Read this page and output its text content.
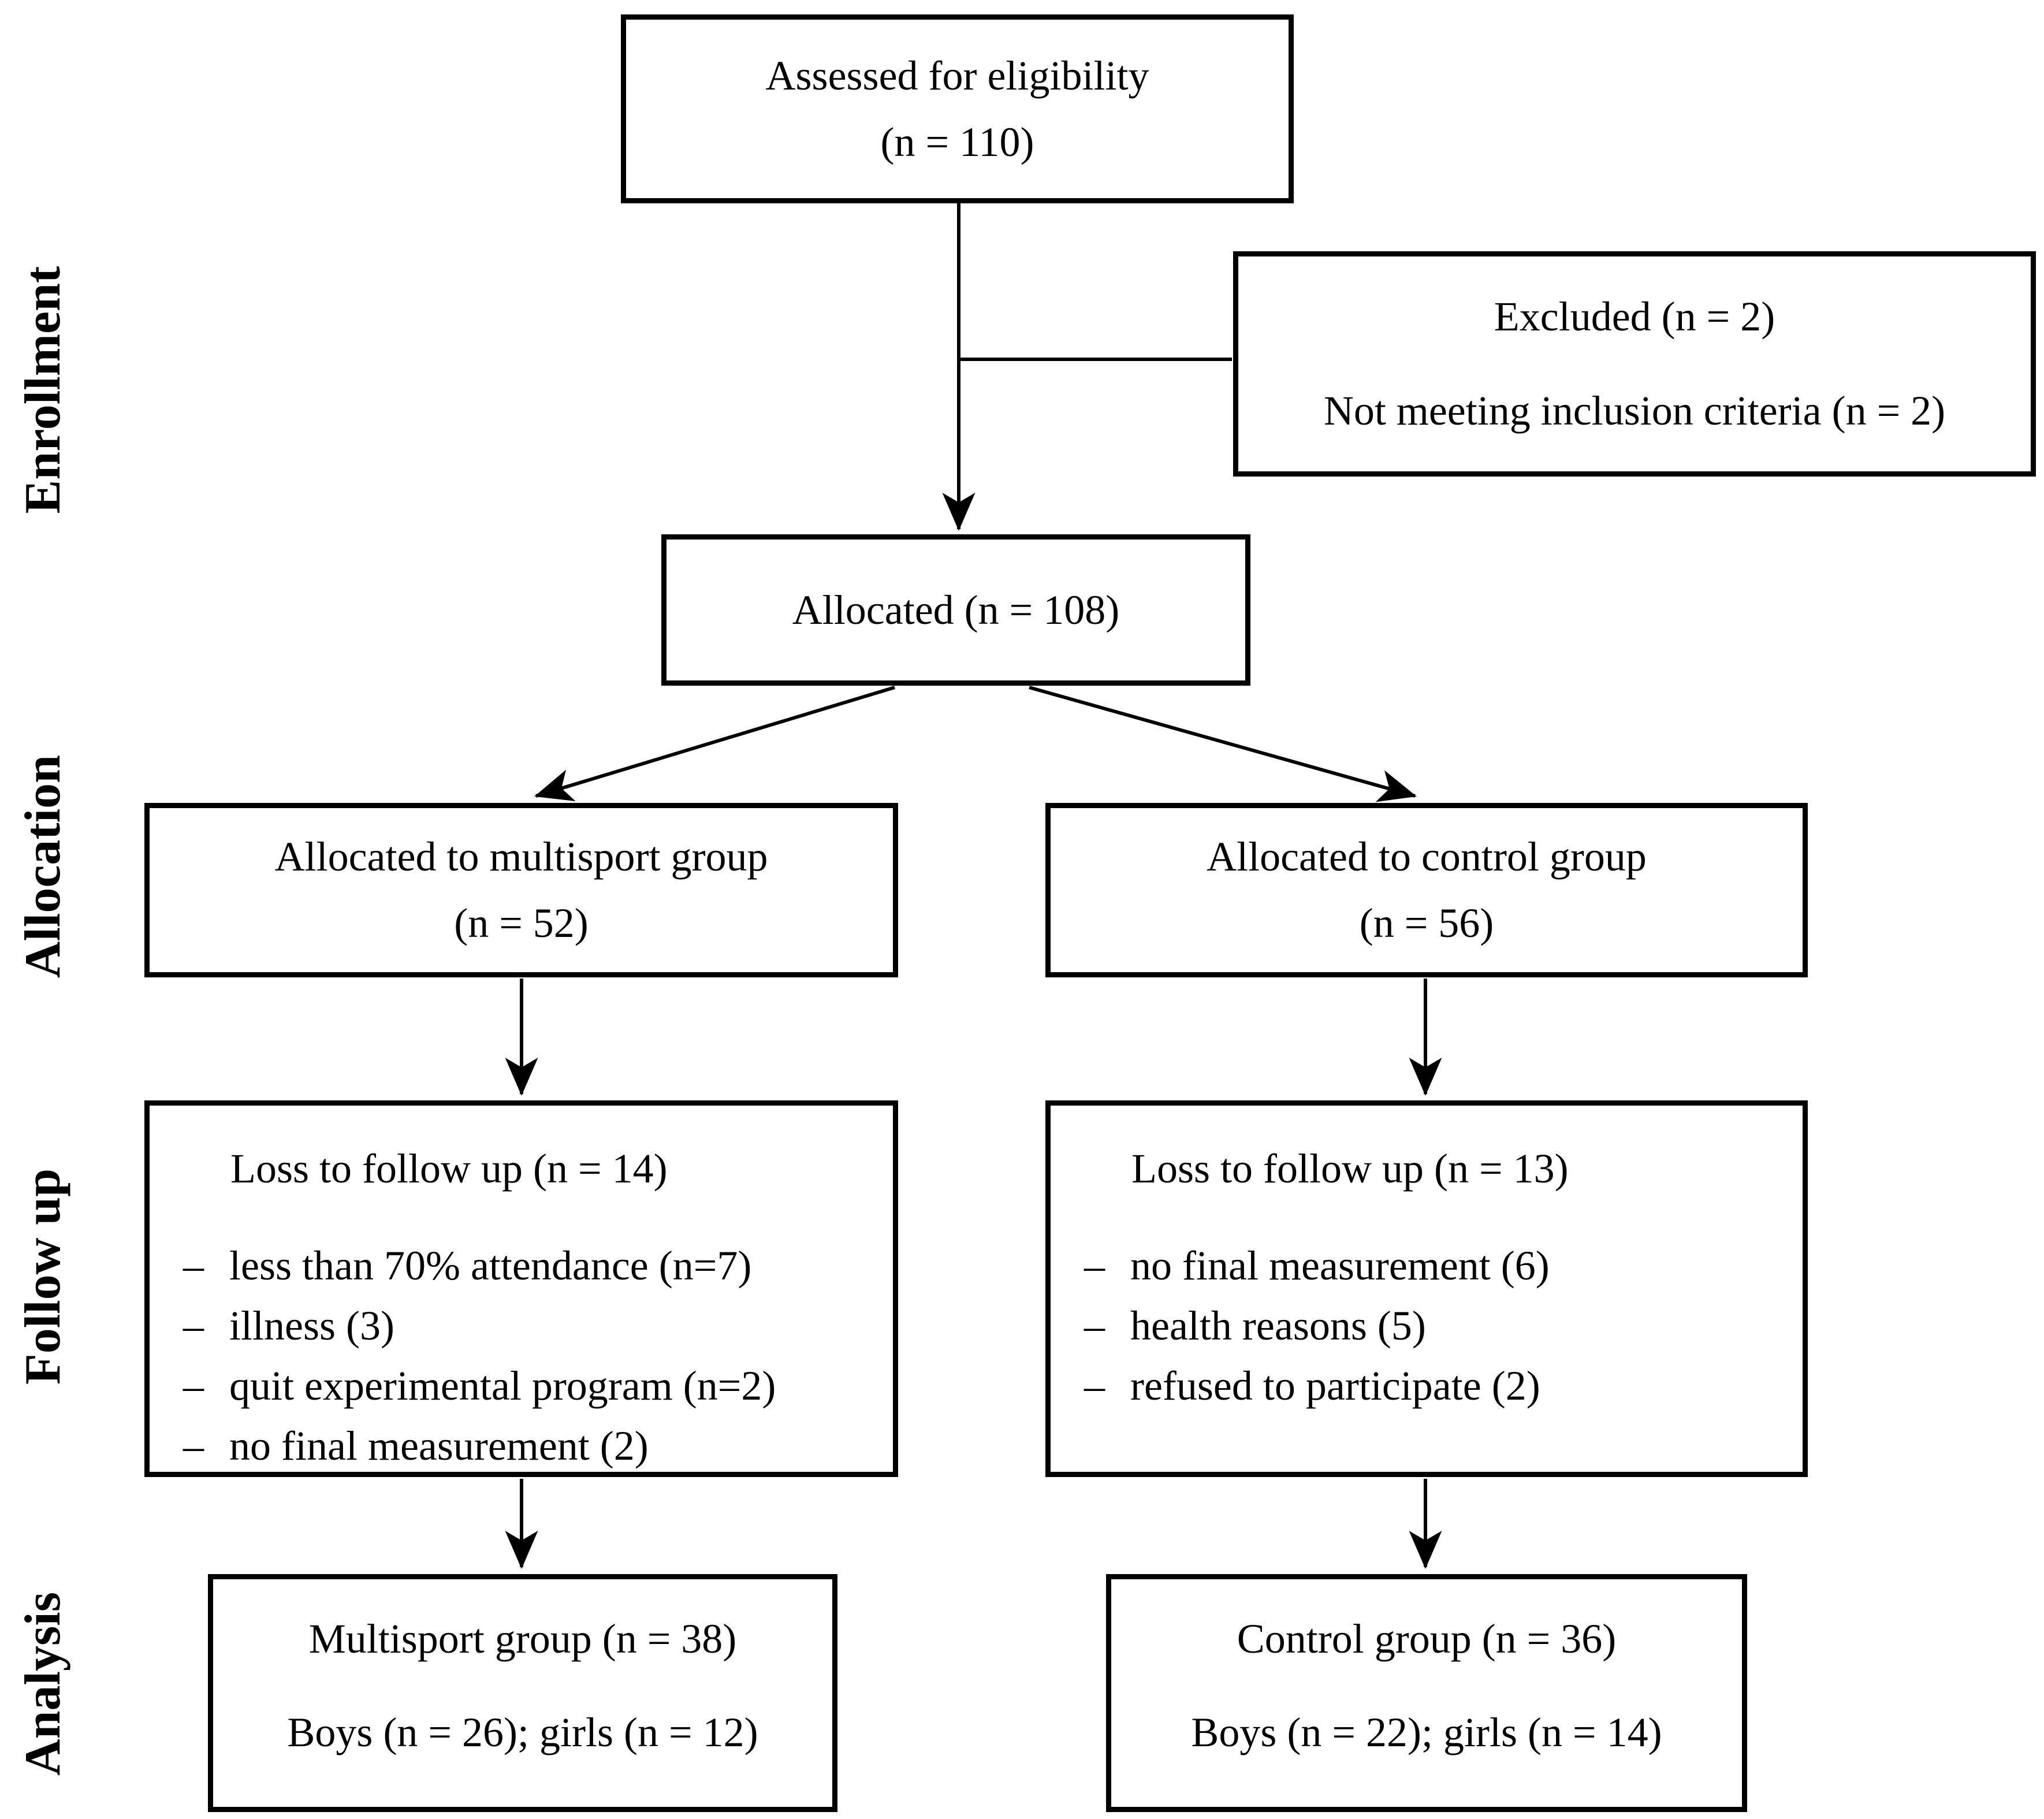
Enrollment
Allocation
Follow up
Analysis
Assessed for eligibility
(n = 110)
Excluded (n = 2)
Not meeting inclusion criteria (n = 2)
Allocated (n = 108)
Allocated to multisport group
(n = 52)
Allocated to control group
(n = 56)
Loss to follow up (n = 14)
– less than 70% attendance (n=7)
– illness (3)
– quit experimental program (n=2)
– no final measurement (2)
Loss to follow up (n = 13)
– no final measurement (6)
– health reasons (5)
– refused to participate (2)
Multisport group (n = 38)
Boys (n = 26); girls (n = 12)
Control group (n = 36)
Boys (n = 22); girls (n = 14)
